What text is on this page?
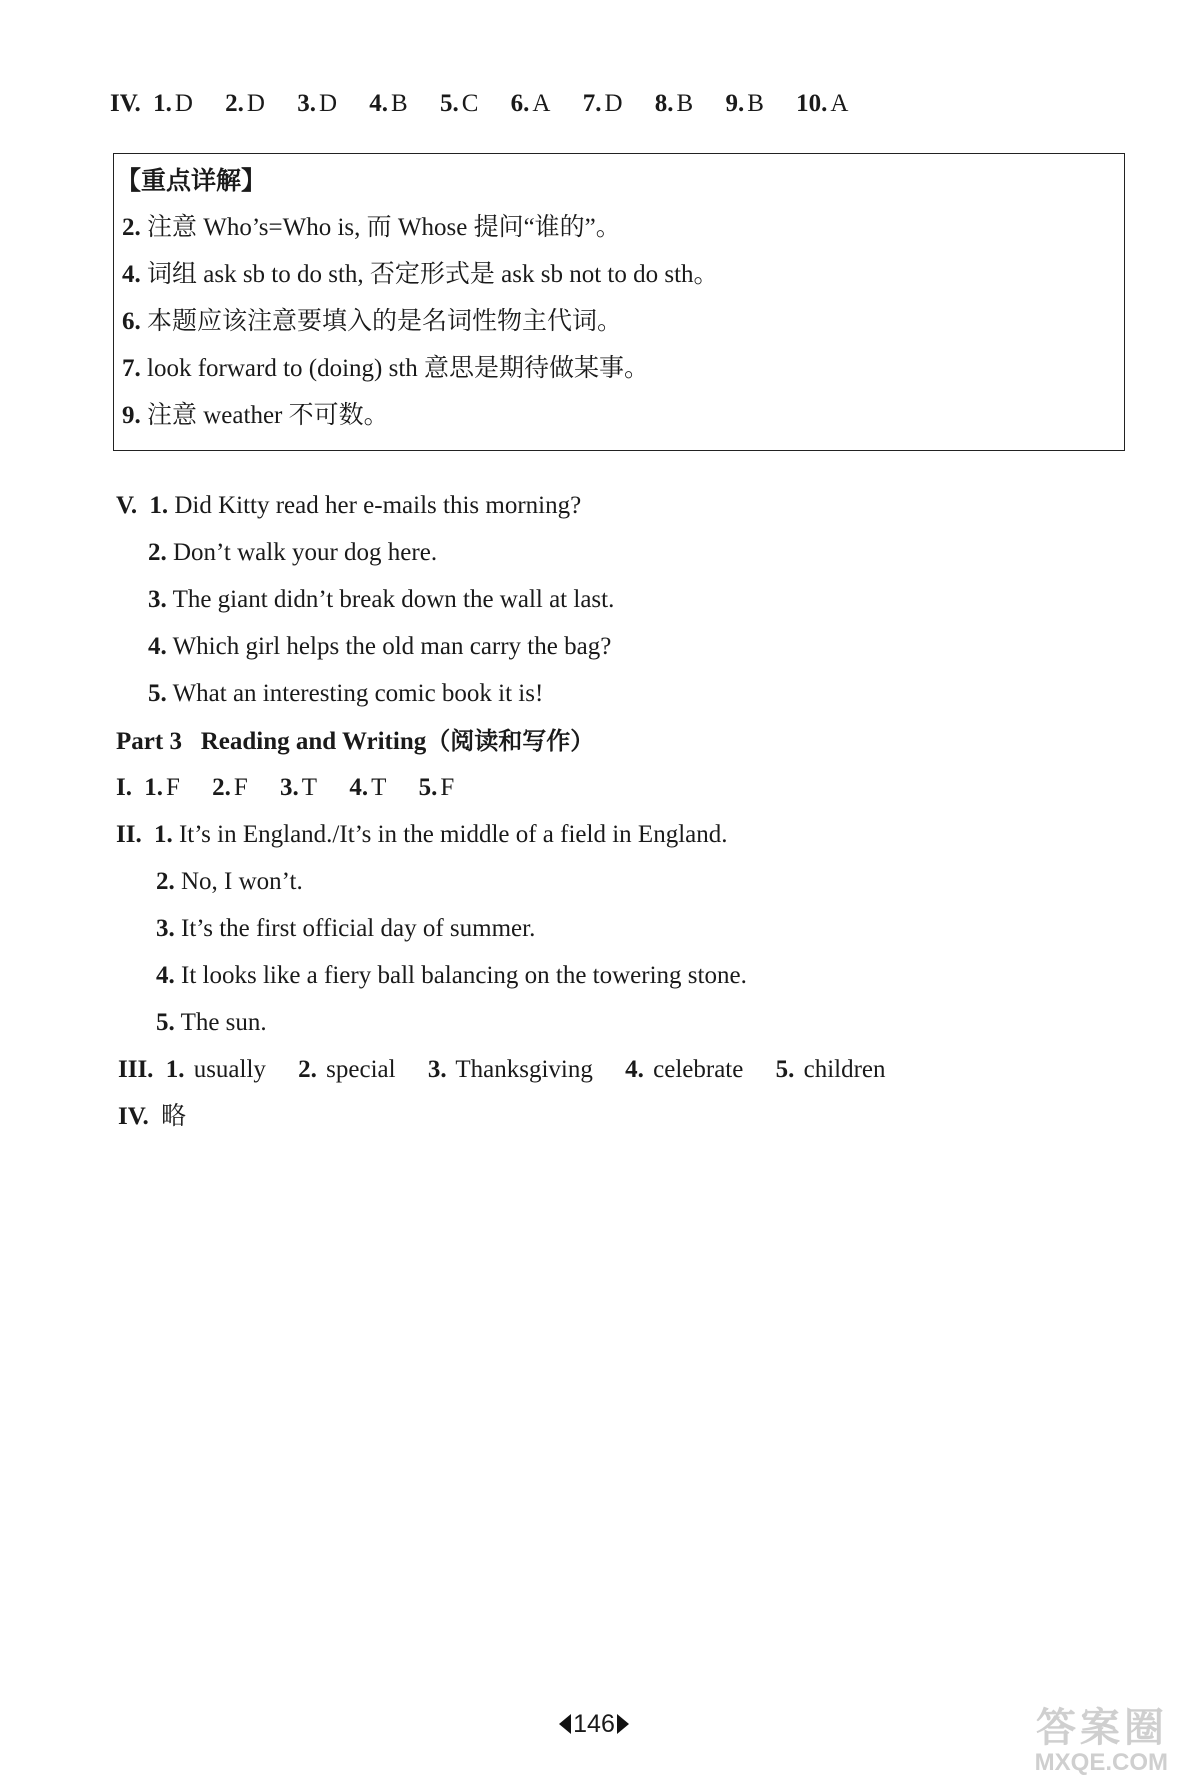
IV. 1. D 2. D 3. D 4. B 5. C 6. A 7. D 8. B 9. B 10. A
【重点详解】
2. 注意 Who’s=Who is, 而 Whose 提问“谁的”。
4. 词组 ask sb to do sth, 否定形式是 ask sb not to do sth。
6. 本题应该注意要填入的是名词性物主代词。
7. look forward to (doing) sth 意思是期待做某事。
9. 注意 weather 不可数。
V. 1. Did Kitty read her e-mails this morning?
2. Don’t walk your dog here.
3. The giant didn’t break down the wall at last.
4. Which girl helps the old man carry the bag?
5. What an interesting comic book it is!
Part 3 Reading and Writing（阅读和写作）
I. 1. F 2. F 3. T 4. T 5. F
II. 1. It’s in England./It’s in the middle of a field in England.
2. No, I won’t.
3. It’s the first official day of summer.
4. It looks like a fiery ball balancing on the towering stone.
5. The sun.
III. 1. usually 2. special 3. Thanksgiving 4. celebrate 5. children
IV. 略
146	答案圈
MXQE.COM
